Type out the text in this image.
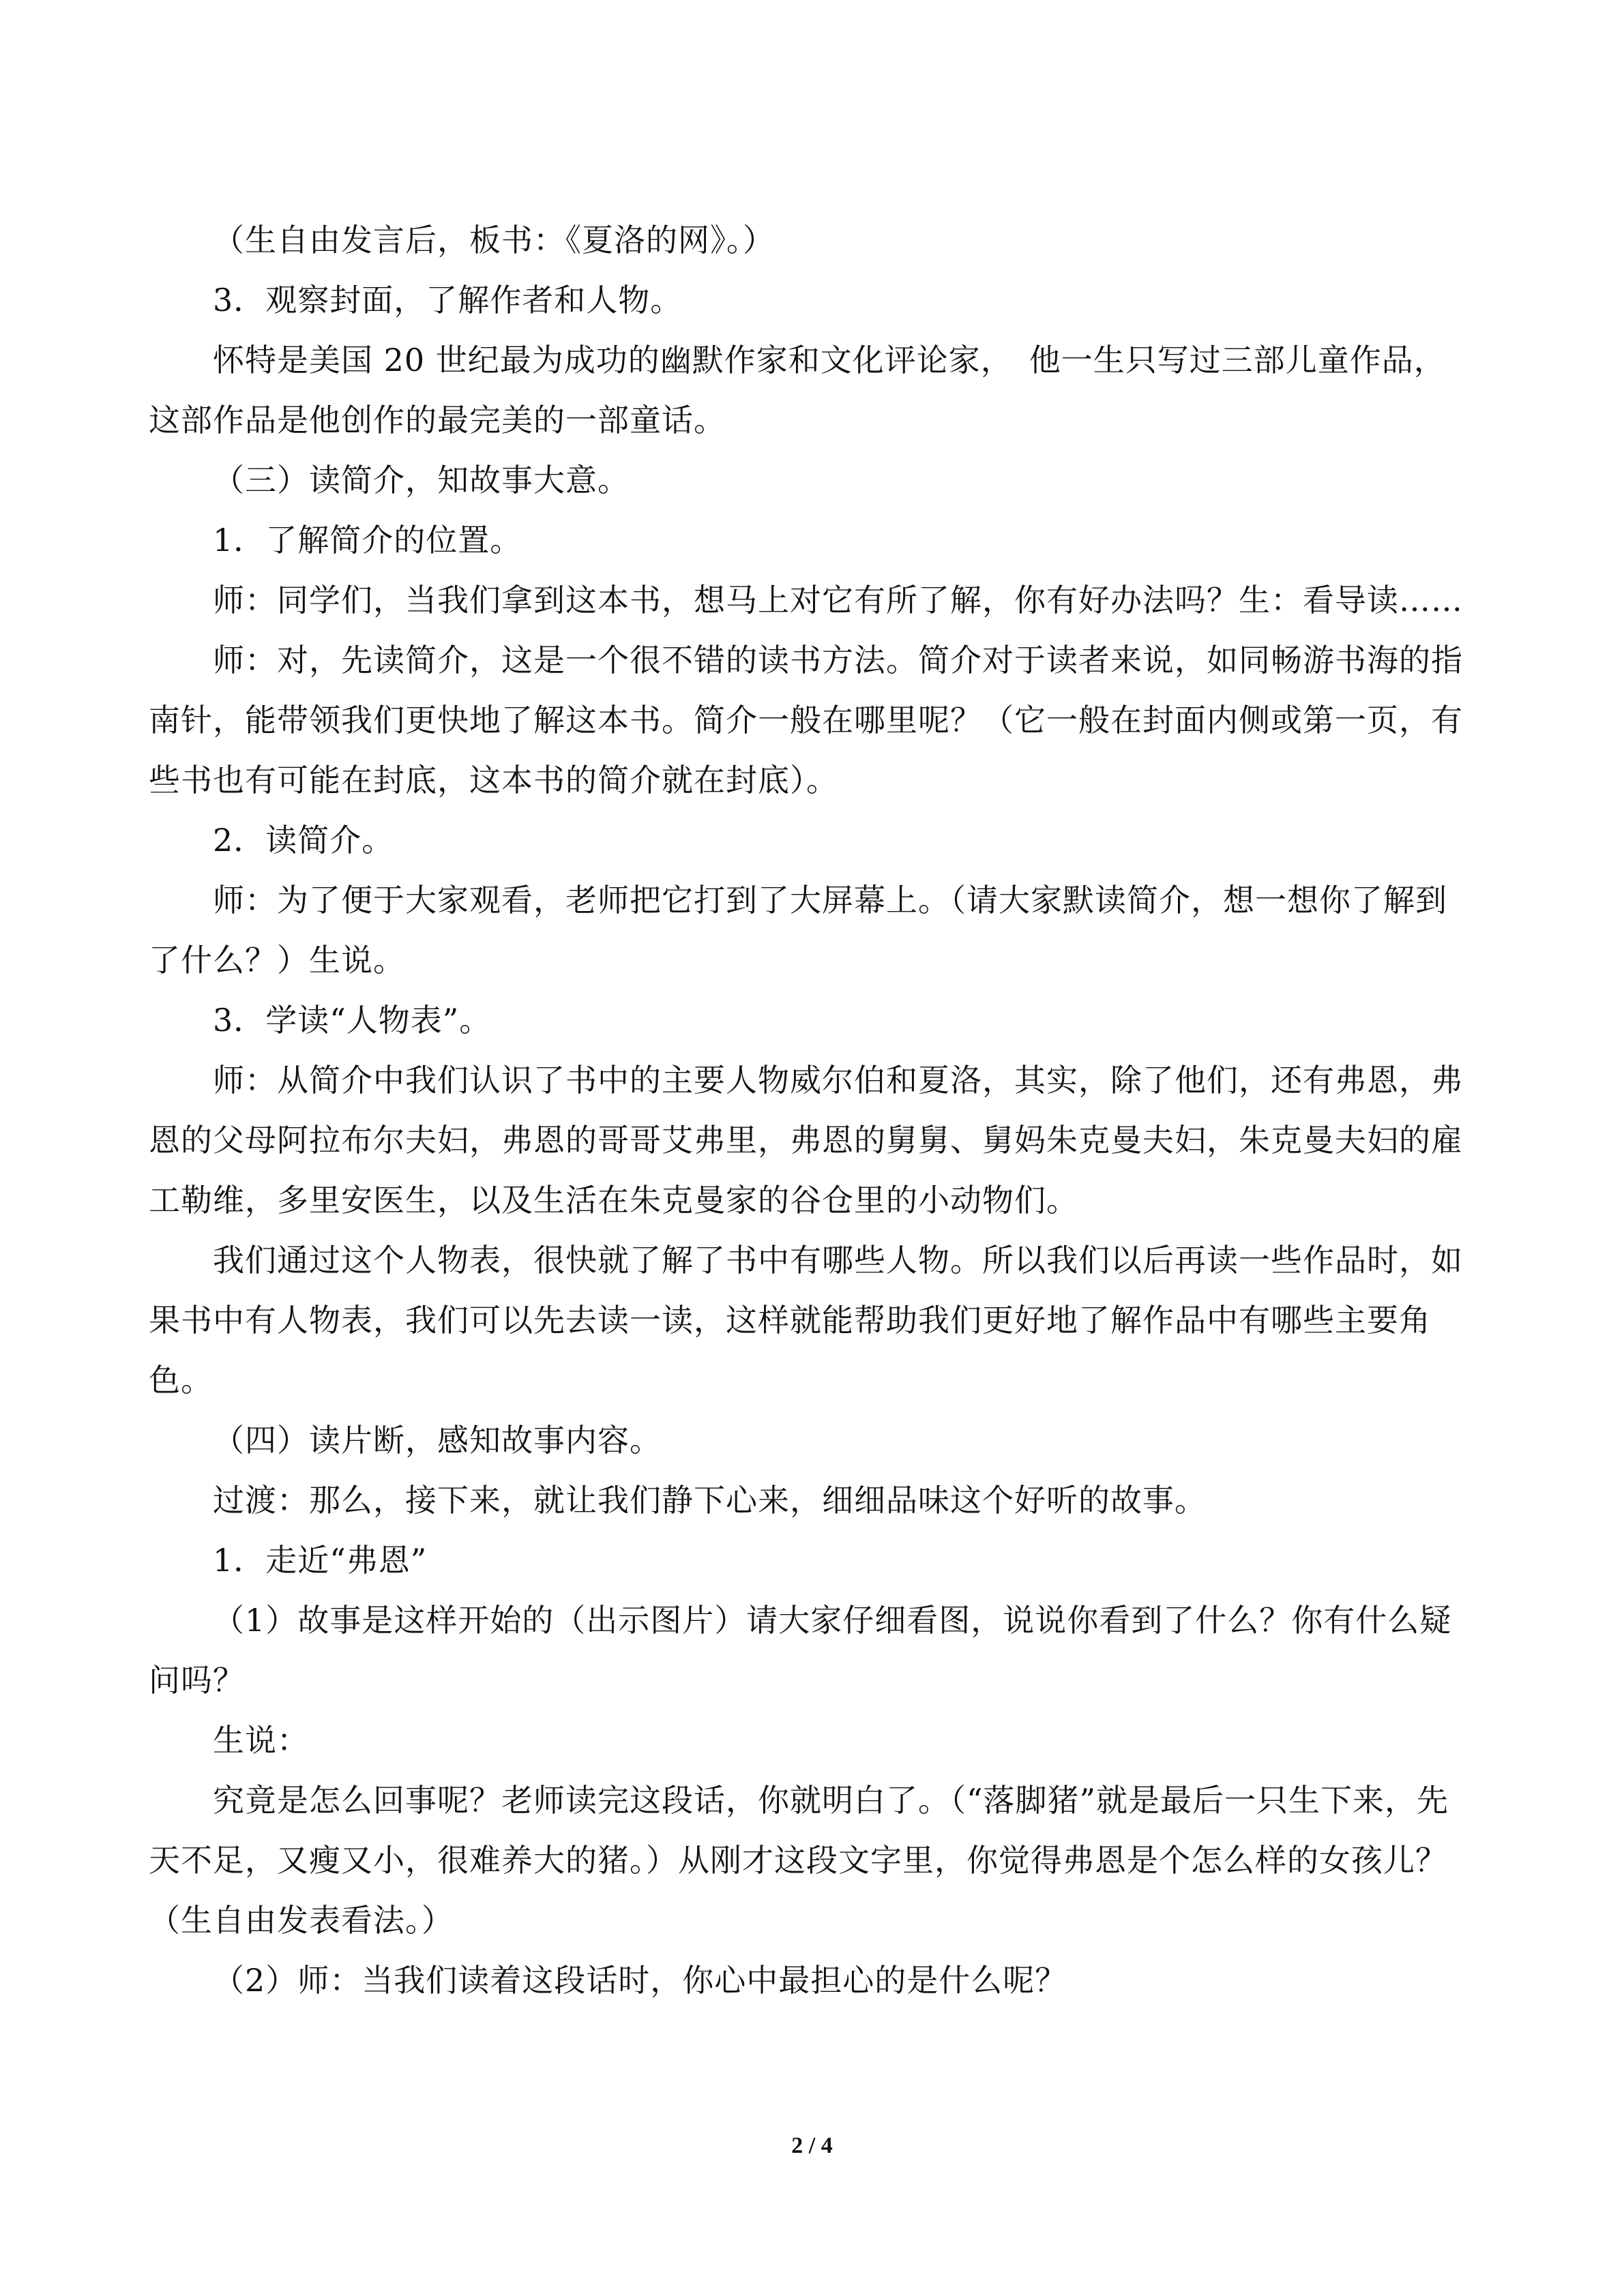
（生自由发言后，板书：《夏洛的网》。）

3．观察封面，了解作者和人物。

怀特是美国 20 世纪最为成功的幽默作家和文化评论家，　他一生只写过三部儿童作品，这部作品是他创作的最完美的一部童话。

（三）读简介，知故事大意。

1．了解简介的位置。

师：同学们，当我们拿到这本书，想马上对它有所了解，你有好办法吗？生：看导读……

师：对，先读简介，这是一个很不错的读书方法。简介对于读者来说，如同畅游书海的指南针，能带领我们更快地了解这本书。简介一般在哪里呢？（它一般在封面内侧或第一页，有些书也有可能在封底，这本书的简介就在封底）。

2．读简介。

师：为了便于大家观看，老师把它打到了大屏幕上。（请大家默读简介，想一想你了解到了什么？）生说。

3．学读“人物表”。

师：从简介中我们认识了书中的主要人物威尔伯和夏洛，其实，除了他们，还有弗恩，弗恩的父母阿拉布尔夫妇，弗恩的哥哥艾弗里，弗恩的舅舅、舅妈朱克曼夫妇，朱克曼夫妇的雇工勒维，多里安医生，以及生活在朱克曼家的谷仓里的小动物们。

我们通过这个人物表，很快就了解了书中有哪些人物。所以我们以后再读一些作品时，如果书中有人物表，我们可以先去读一读，这样就能帮助我们更好地了解作品中有哪些主要角色。

（四）读片断，感知故事内容。

过渡：那么，接下来，就让我们静下心来，细细品味这个好听的故事。

1．走近“弗恩”

（1）故事是这样开始的（出示图片）请大家仔细看图，说说你看到了什么？你有什么疑问吗？

生说：

究竟是怎么回事呢？老师读完这段话，你就明白了。（“落脚猪”就是最后一只生下来，先天不足，又瘦又小，很难养大的猪。）从刚才这段文字里，你觉得弗恩是个怎么样的女孩儿？（生自由发表看法。）

（2）师：当我们读着这段话时，你心中最担心的是什么呢？

2 / 4
